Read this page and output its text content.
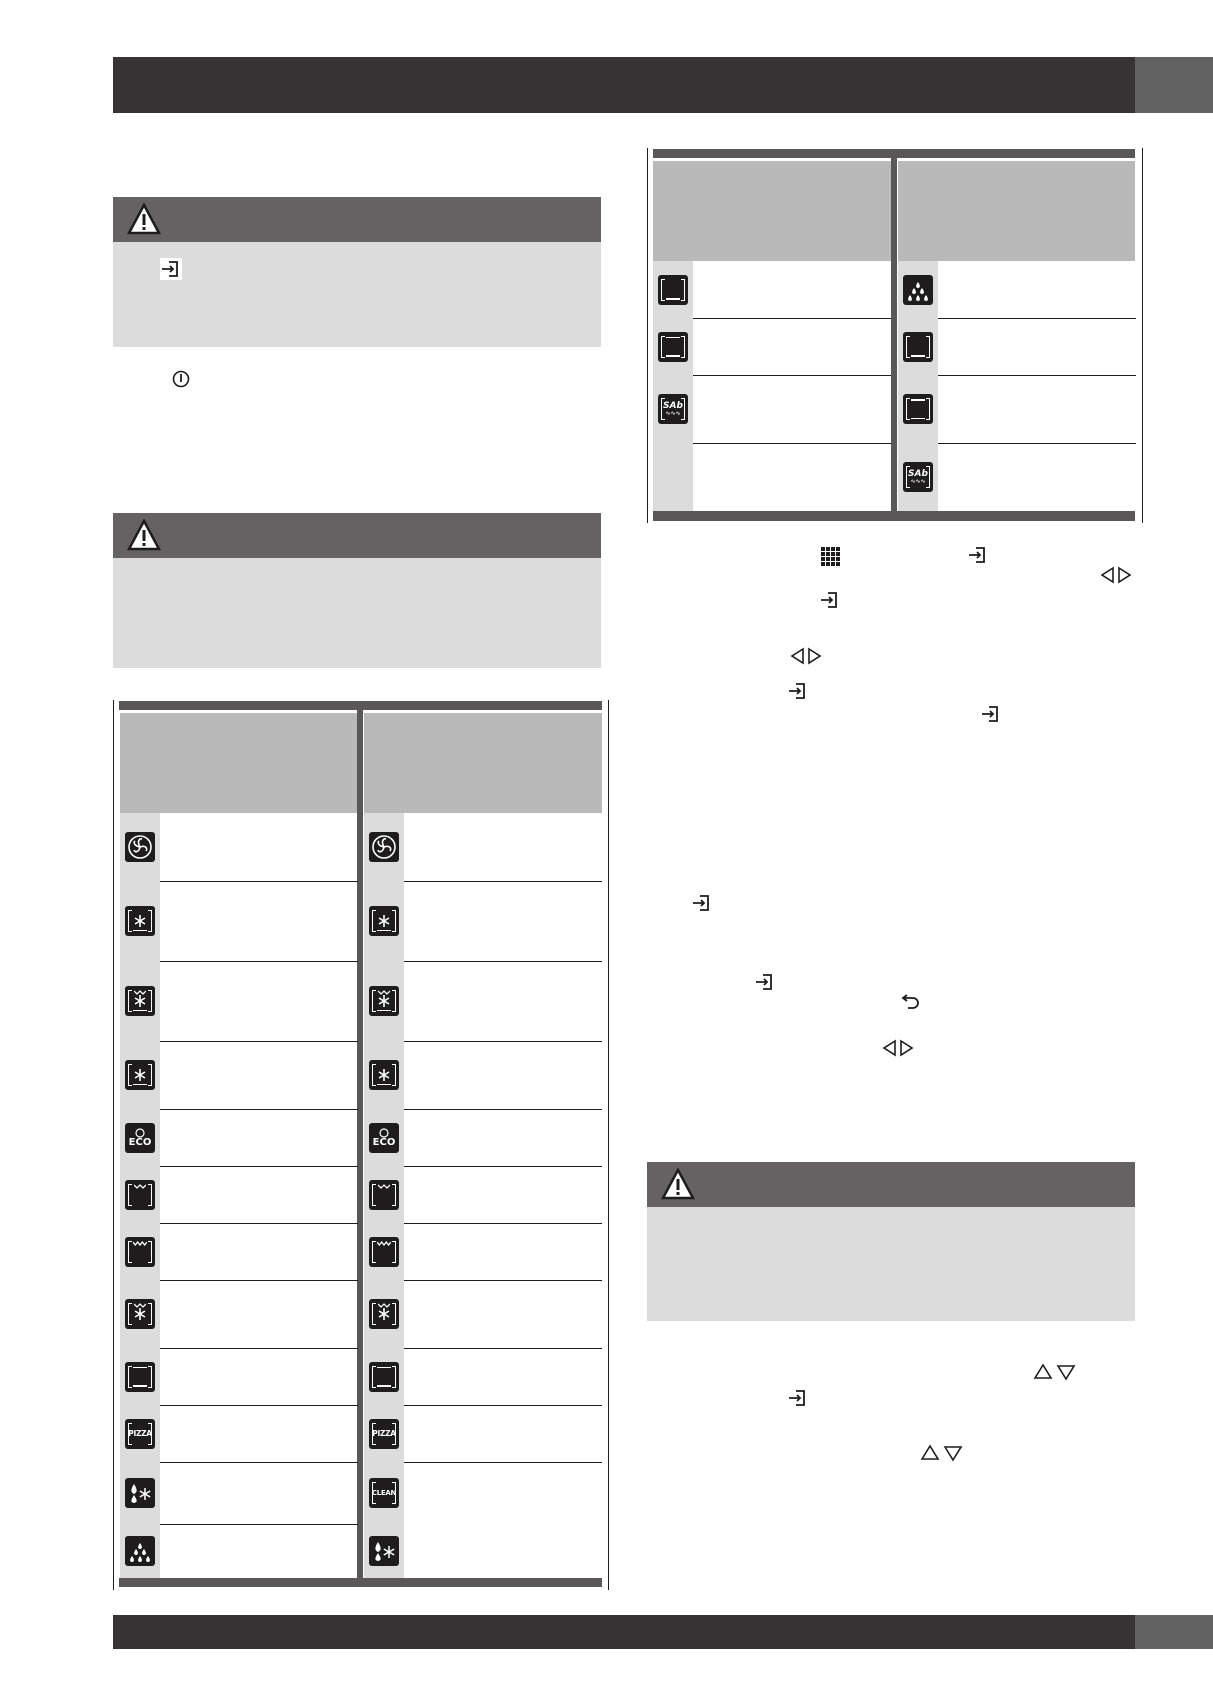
ECO
PIZZA
ECO
PIZZA
CLEAN
SAb
∿∿∿
SAb
∿∿∿
